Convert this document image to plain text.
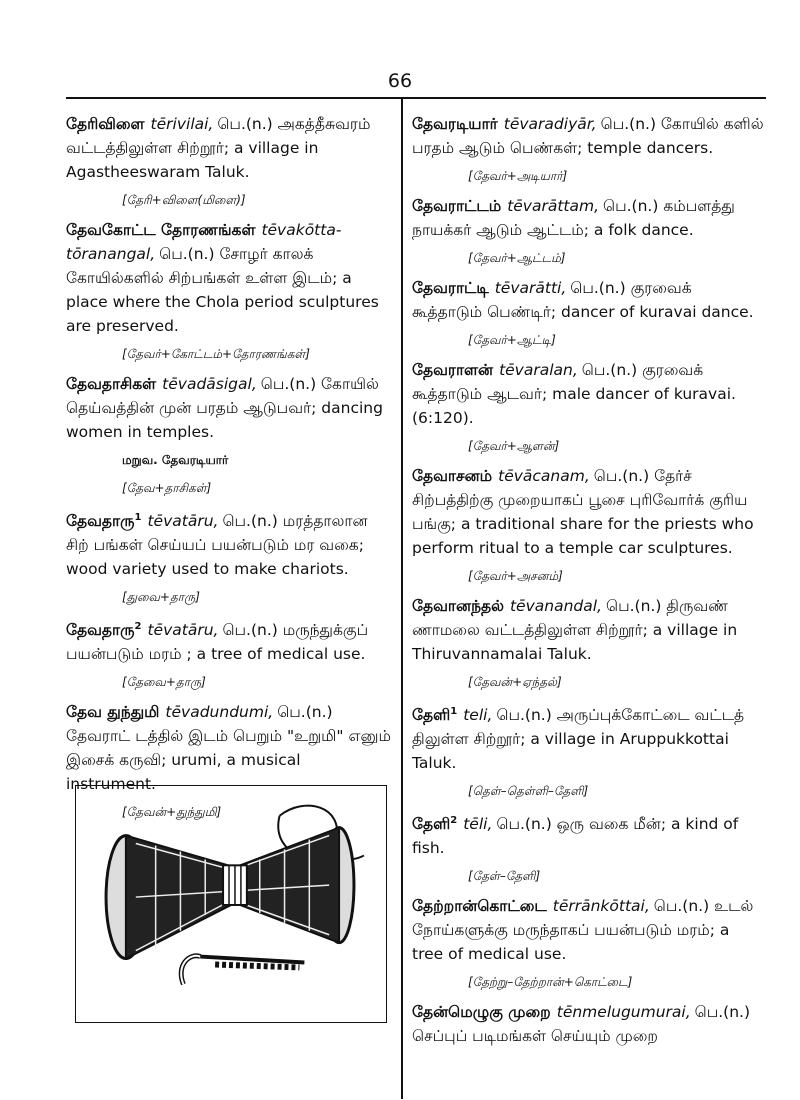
66
தேரிவிளை tērivilai, பெ.(n.) அகத்தீசுவரம் வட்டத்திலுள்ள சிற்றூர்; a village in Agastheeswaram Taluk.
[தேரி+விளை(மிளை)]
தேவகோட்ட தோரணங்கள் tēvakōtta-tōranangal, பெ.(n.) சோழர் காலக் கோயில்களில் சிற்பங்கள் உள்ள இடம்; a place where the Chola period sculptures are preserved.
[தேவர்+கோட்டம்+தோரணங்கள்]
தேவதாசிகள் tēvadāsigal, பெ.(n.) கோயில் தெய்வத்தின் முன் பரதம் ஆடுபவர்; dancing women in temples.
மறுவ. தேவரடியார்
[தேவ+தாசிகள்]
தேவதாரு$^1$ tēvatāru, பெ.(n.) மரத்தாலான சிற் பங்கள் செய்யப் பயன்படும் மர வகை; wood variety used to make chariots.
[துவை+தாரு]
தேவதாரு$^2$ tēvatāru, பெ.(n.) மருந்துக்குப் பயன்படும் மரம் ; a tree of medical use.
[தேவை+தாரு]
தேவ துந்துமி tēvadundumi, பெ.(n.) தேவராட் டத்தில் இடம் பெறும் "உறுமி" எனும் இசைக் கருவி; urumi, a musical instrument.
[தேவன்+துந்துமி]
தேவரடியார் tēvaradiyār, பெ.(n.) கோயில் களில் பரதம் ஆடும் பெண்கள்; temple dancers.
[தேவர்+அடியார்]
தேவராட்டம் tēvarāttam, பெ.(n.) கம்பளத்து நாயக்கர் ஆடும் ஆட்டம்; a folk dance.
[தேவர்+ஆட்டம்]
தேவராட்டி tēvarātti, பெ.(n.) குரவைக் கூத்தாடும் பெண்டிர்; dancer of kuravai dance.
[தேவர்+ஆட்டி]
தேவராளன் tēvaralan, பெ.(n.) குரவைக் கூத்தாடும் ஆடவர்; male dancer of kuravai. (6:120).
[தேவர்+ஆளன்]
தேவாசனம் tēvācanam, பெ.(n.) தேர்ச் சிற்பத்திற்கு முறையாகப் பூசை புரிவோர்க் குரிய பங்கு; a traditional share for the priests who perform ritual to a temple car sculptures.
[தேவர்+அசனம்]
தேவானந்தல் tēvanandal, பெ.(n.) திருவண் ணாமலை வட்டத்திலுள்ள சிற்றூர்; a village in Thiruvannamalai Taluk.
[தேவன்+ஏந்தல்]
தேளி$^1$ teli, பெ.(n.) அருப்புக்கோட்டை வட்டத் திலுள்ள சிற்றூர்; a village in Aruppukkottai Taluk.
[தெள்–தெள்ளி–தேளி]
தேளி$^2$ tēli, பெ.(n.) ஒரு வகை மீன்; a kind of fish.
[தேள்–தேளி]
தேற்றான்கொட்டை tērrānkōttai, பெ.(n.) உடல் நோய்களுக்கு மருந்தாகப் பயன்படும் மரம்; a tree of medical use.
[தேற்று–தேற்றான்+கொட்டை]
தேன்மெழுகு முறை tēnmelugumurai, பெ.(n.) செப்புப் படிமங்கள் செய்யும் முறை
